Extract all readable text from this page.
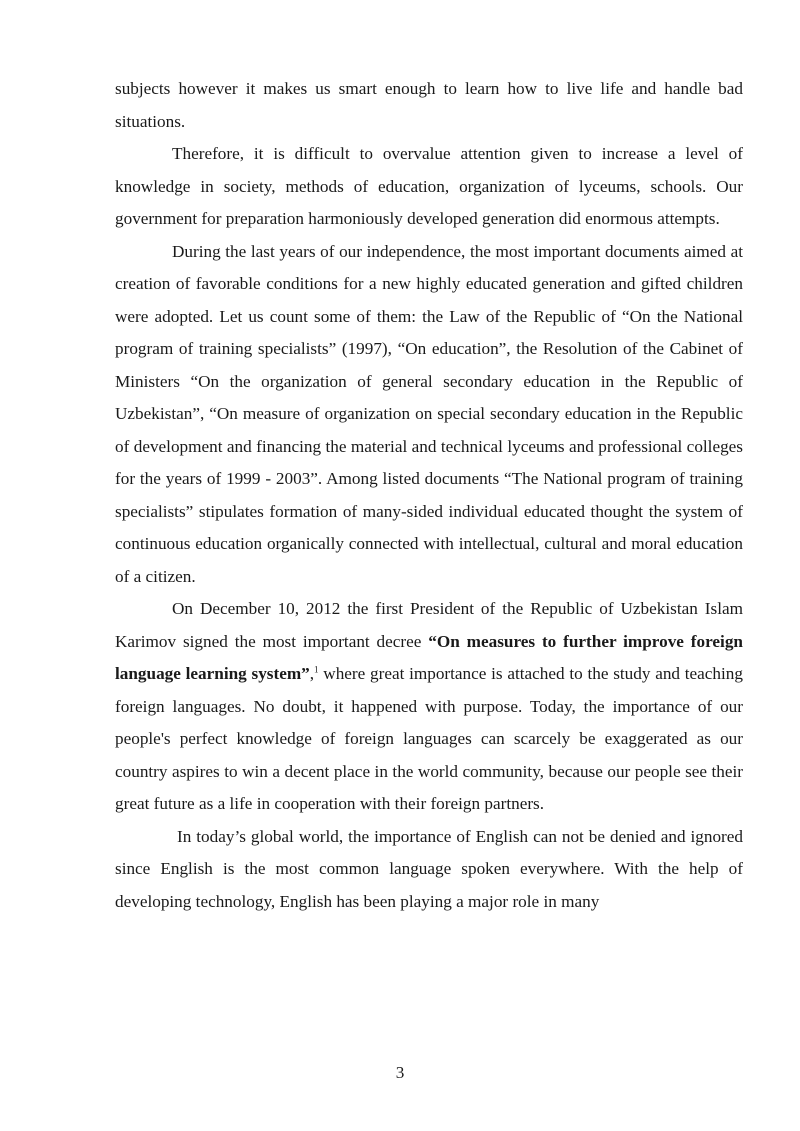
subjects however it makes us smart enough to learn how to live life and handle bad situations.

Therefore, it is difficult to overvalue attention given to increase a level of knowledge in society, methods of education, organization of lyceums, schools. Our government for preparation harmoniously developed generation did enormous attempts.

During the last years of our independence, the most important documents aimed at creation of favorable conditions for a new highly educated generation and gifted children were adopted. Let us count some of them: the Law of the Republic of “On the National program of training specialists” (1997), “On education”, the Resolution of the Cabinet of Ministers “On the organization of general secondary education in the Republic of Uzbekistan”, “On measure of organization on special secondary education in the Republic of development and financing the material and technical lyceums and professional colleges for the years of 1999 - 2003”. Among listed documents “The National program of training specialists” stipulates formation of many-sided individual educated thought the system of continuous education organically connected with intellectual, cultural and moral education of a citizen.

On December 10, 2012 the first President of the Republic of Uzbekistan Islam Karimov signed the most important decree “On measures to further improve foreign language learning system”,$^1$ where great importance is attached to the study and teaching foreign languages. No doubt, it happened with purpose. Today, the importance of our people's perfect knowledge of foreign languages can scarcely be exaggerated as our country aspires to win a decent place in the world community, because our people see their great future as a life in cooperation with their foreign partners.

In today’s global world, the importance of English can not be denied and ignored since English is the most common language spoken everywhere. With the help of developing technology, English has been playing a major role in many

3
